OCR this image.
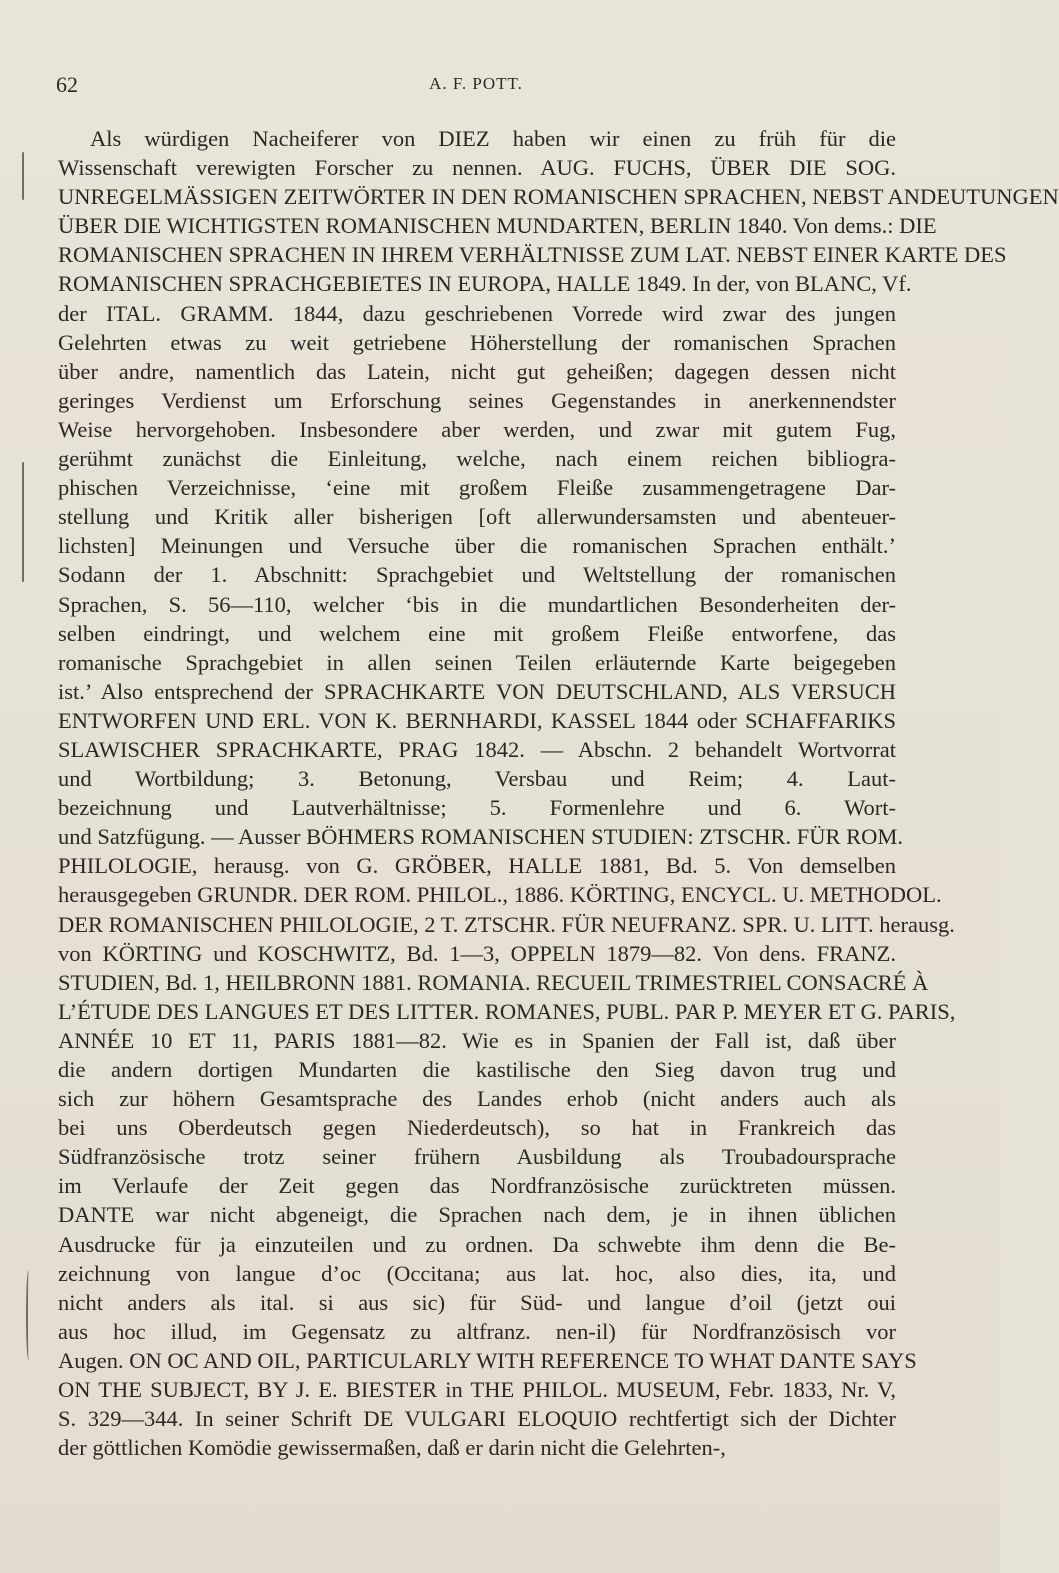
62	A. F. POTT.
Als würdigen Nacheiferer von DIEZ haben wir einen zu früh für die
Wissenschaft verewigten Forscher zu nennen. AUG. FUCHS, ÜBER DIE SOG.
UNREGELMÄSSIGEN ZEITWÖRTER IN DEN ROMANISCHEN SPRACHEN, NEBST ANDEUTUNGEN
ÜBER DIE WICHTIGSTEN ROMANISCHEN MUNDARTEN, BERLIN 1840. Von dems.: DIE
ROMANISCHEN SPRACHEN IN IHREM VERHÄLTNISSE ZUM LAT. NEBST EINER KARTE DES
ROMANISCHEN SPRACHGEBIETES IN EUROPA, HALLE 1849. In der, von BLANC, Vf.
der ITAL. GRAMM. 1844, dazu geschriebenen Vorrede wird zwar des jungen
Gelehrten etwas zu weit getriebene Höherstellung der romanischen Sprachen
über andre, namentlich das Latein, nicht gut geheißen; dagegen dessen nicht
geringes Verdienst um Erforschung seines Gegenstandes in anerkennendster
Weise hervorgehoben. Insbesondere aber werden, und zwar mit gutem Fug,
gerühmt zunächst die Einleitung, welche, nach einem reichen bibliogra-
phischen Verzeichnisse, ‘eine mit großem Fleiße zusammengetragene Dar-
stellung und Kritik aller bisherigen [oft allerwundersamsten und abenteuer-
lichsten] Meinungen und Versuche über die romanischen Sprachen enthält.’
Sodann der 1. Abschnitt: Sprachgebiet und Weltstellung der romanischen
Sprachen, S. 56—110, welcher ‘bis in die mundartlichen Besonderheiten der-
selben eindringt, und welchem eine mit großem Fleiße entworfene, das
romanische Sprachgebiet in allen seinen Teilen erläuternde Karte beigegeben
ist.’ Also entsprechend der SPRACHKARTE VON DEUTSCHLAND, ALS VERSUCH
ENTWORFEN UND ERL. VON K. BERNHARDI, KASSEL 1844 oder SCHAFFARIKS
SLAWISCHER SPRACHKARTE, PRAG 1842. — Abschn. 2 behandelt Wortvorrat
und Wortbildung; 3. Betonung, Versbau und Reim; 4. Laut-
bezeichnung und Lautverhältnisse; 5. Formenlehre und 6. Wort-
und Satzfügung. — Ausser BÖHMERS ROMANISCHEN STUDIEN: ZTSCHR. FÜR ROM.
PHILOLOGIE, herausg. von G. GRÖBER, HALLE 1881, Bd. 5. Von demselben
herausgegeben GRUNDR. DER ROM. PHILOL., 1886. KÖRTING, ENCYCL. U. METHODOL.
DER ROMANISCHEN PHILOLOGIE, 2 T. ZTSCHR. FÜR NEUFRANZ. SPR. U. LITT. herausg.
von KÖRTING und KOSCHWITZ, Bd. 1—3, OPPELN 1879—82. Von dens. FRANZ.
STUDIEN, Bd. 1, HEILBRONN 1881. ROMANIA. RECUEIL TRIMESTRIEL CONSACRÉ À
L’ÉTUDE DES LANGUES ET DES LITTER. ROMANES, PUBL. PAR P. MEYER ET G. PARIS,
ANNÉE 10 ET 11, PARIS 1881—82. Wie es in Spanien der Fall ist, daß über
die andern dortigen Mundarten die kastilische den Sieg davon trug und
sich zur höhern Gesamtsprache des Landes erhob (nicht anders auch als
bei uns Oberdeutsch gegen Niederdeutsch), so hat in Frankreich das
Südfranzösische trotz seiner frühern Ausbildung als Troubadoursprache
im Verlaufe der Zeit gegen das Nordfranzösische zurücktreten müssen.
DANTE war nicht abgeneigt, die Sprachen nach dem, je in ihnen üblichen
Ausdrucke für ja einzuteilen und zu ordnen. Da schwebte ihm denn die Be-
zeichnung von langue d’oc (Occitana; aus lat. hoc, also dies, ita, und
nicht anders als ital. si aus sic) für Süd- und langue d’oil (jetzt oui
aus hoc illud, im Gegensatz zu altfranz. nen-il) für Nordfranzösisch vor
Augen. ON OC AND OIL, PARTICULARLY WITH REFERENCE TO WHAT DANTE SAYS
ON THE SUBJECT, BY J. E. BIESTER in THE PHILOL. MUSEUM, Febr. 1833, Nr. V,
S. 329—344. In seiner Schrift DE VULGARI ELOQUIO rechtfertigt sich der Dichter
der göttlichen Komödie gewissermaßen, daß er darin nicht die Gelehrten-,
